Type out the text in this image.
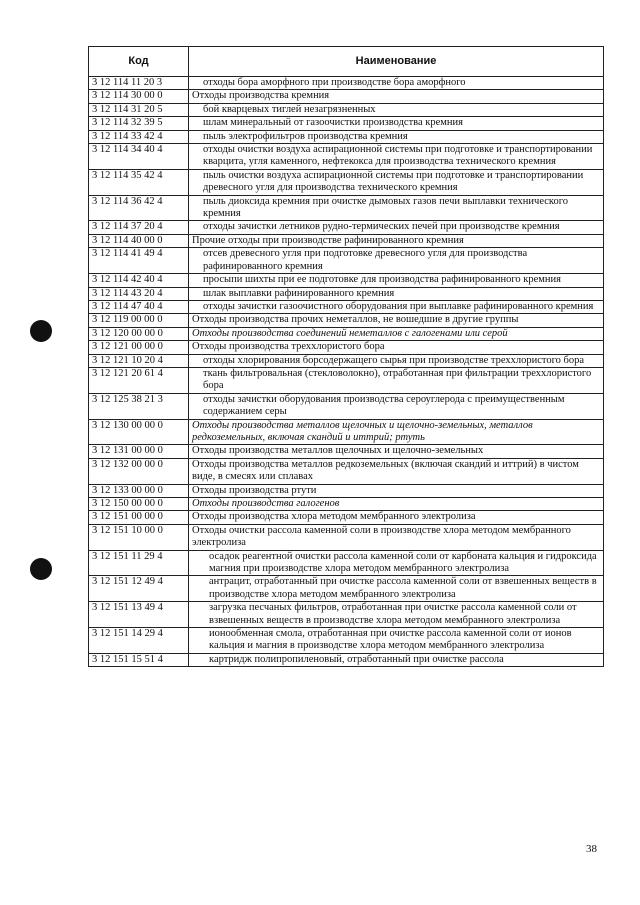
Код	Наименование
3 12 114 11 20 3	отходы бора аморфного при производстве бора аморфного
3 12 114 30 00 0	Отходы производства кремния
3 12 114 31 20 5	бой кварцевых тиглей незагрязненных
3 12 114 32 39 5	шлам минеральный от газоочистки производства кремния
3 12 114 33 42 4	пыль электрофильтров производства кремния
3 12 114 34 40 4	отходы очистки воздуха аспирационной системы при подготовке и транспортировании кварцита, угля каменного, нефтекокса для производства технического кремния
3 12 114 35 42 4	пыль очистки воздуха аспирационной системы при подготовке и транспортировании древесного угля для производства технического кремния
3 12 114 36 42 4	пыль диоксида кремния при очистке дымовых газов печи выплавки технического кремния
3 12 114 37 20 4	отходы зачистки летников рудно-термических печей при производстве кремния
3 12 114 40 00 0	Прочие отходы при производстве рафинированного кремния
3 12 114 41 49 4	отсев древесного угля при подготовке древесного угля для производства рафинированного кремния
3 12 114 42 40 4	просыпи шихты при ее подготовке для производства рафинированного кремния
3 12 114 43 20 4	шлак выплавки рафинированного кремния
3 12 114 47 40 4	отходы зачистки газоочистного оборудования при выплавке рафинированного кремния
3 12 119 00 00 0	Отходы производства прочих неметаллов, не вошедшие в другие группы
3 12 120 00 00 0	Отходы производства соединений неметаллов с галогенами или серой
3 12 121 00 00 0	Отходы производства треххлористого бора
3 12 121 10 20 4	отходы хлорирования борсодержащего сырья при производстве треххлористого бора
3 12 121 20 61 4	ткань фильтровальная (стекловолокно), отработанная при фильтрации треххлористого бора
3 12 125 38 21 3	отходы зачистки оборудования производства сероуглерода с преимущественным содержанием серы
3 12 130 00 00 0	Отходы производства металлов щелочных и щелочно-земельных, металлов редкоземельных, включая скандий и иттрий; ртуть
3 12 131 00 00 0	Отходы производства металлов щелочных и щелочно-земельных
3 12 132 00 00 0	Отходы производства металлов редкоземельных (включая скандий и иттрий) в чистом виде, в смесях или сплавах
3 12 133 00 00 0	Отходы производства ртути
3 12 150 00 00 0	Отходы производства галогенов
3 12 151 00 00 0	Отходы производства хлора методом мембранного электролиза
3 12 151 10 00 0	Отходы очистки рассола каменной соли в производстве хлора методом мембранного электролиза
3 12 151 11 29 4	осадок реагентной очистки рассола каменной соли от карбоната кальция и гидроксида магния при производстве хлора методом мембранного электролиза
3 12 151 12 49 4	антрацит, отработанный при очистке рассола каменной соли от взвешенных веществ в производстве хлора методом мембранного электролиза
3 12 151 13 49 4	загрузка песчаных фильтров, отработанная при очистке рассола каменной соли от взвешенных веществ в производстве хлора методом мембранного электролиза
3 12 151 14 29 4	ионообменная смола, отработанная при очистке рассола каменной соли от ионов кальция и магния в производстве хлора методом мембранного электролиза
3 12 151 15 51 4	картридж полипропиленовый, отработанный при очистке рассола
38
